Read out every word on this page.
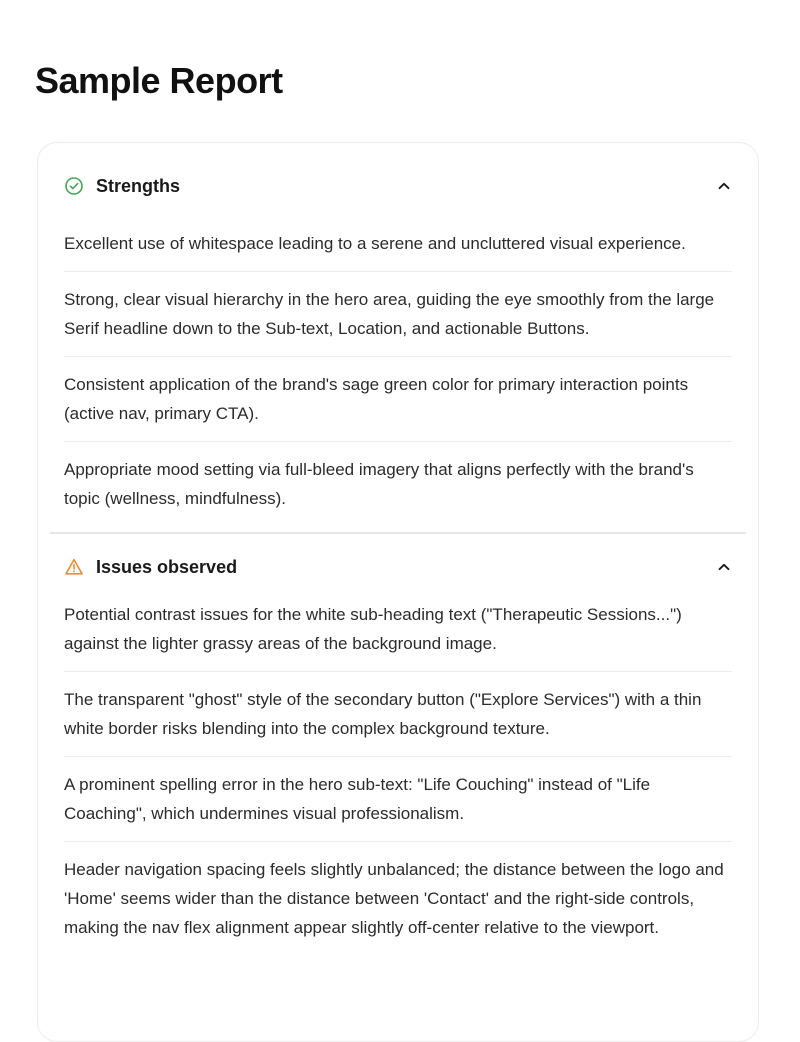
Sample Report
Strengths
Excellent use of whitespace leading to a serene and uncluttered visual experience.
Strong, clear visual hierarchy in the hero area, guiding the eye smoothly from the large Serif headline down to the Sub-text, Location, and actionable Buttons.
Consistent application of the brand's sage green color for primary interaction points (active nav, primary CTA).
Appropriate mood setting via full-bleed imagery that aligns perfectly with the brand's topic (wellness, mindfulness).
Issues observed
Potential contrast issues for the white sub-heading text ("Therapeutic Sessions...") against the lighter grassy areas of the background image.
The transparent "ghost" style of the secondary button ("Explore Services") with a thin white border risks blending into the complex background texture.
A prominent spelling error in the hero sub-text: "Life Couching" instead of "Life Coaching", which undermines visual professionalism.
Header navigation spacing feels slightly unbalanced; the distance between the logo and 'Home' seems wider than the distance between 'Contact' and the right-side controls, making the nav flex alignment appear slightly off-center relative to the viewport.
